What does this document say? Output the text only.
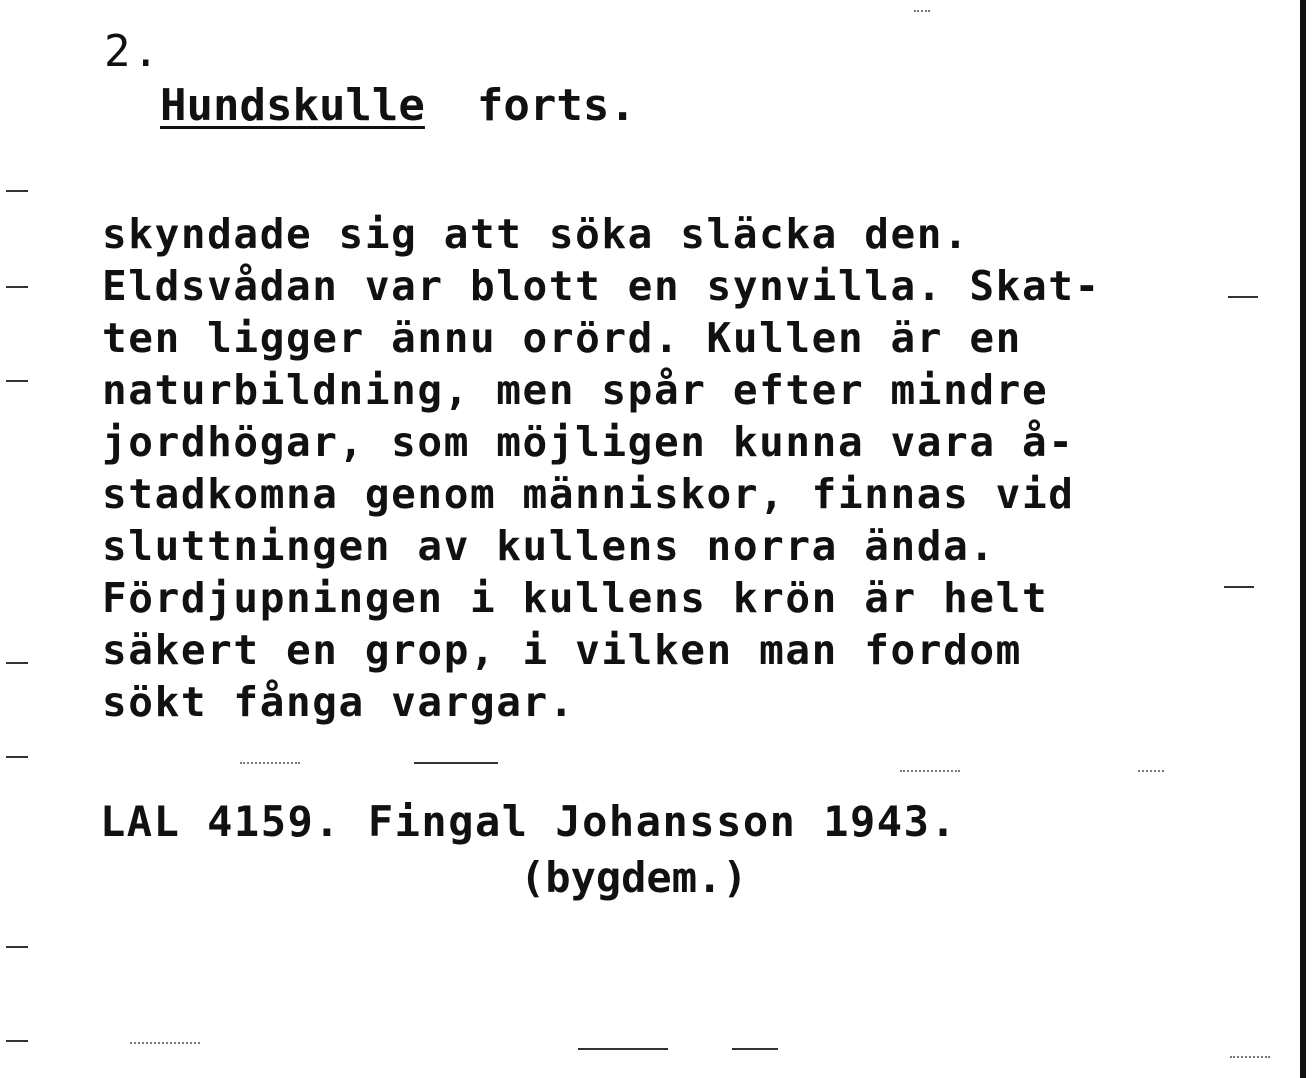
2.
Hundskulle forts.
skyndade sig att söka släcka den.
Eldsvådan var blott en synvilla. Skat-
ten ligger ännu orörd. Kullen är en
naturbildning, men spår efter mindre
jordhögar, som möjligen kunna vara å-
stadkomna genom människor, finnas vid
sluttningen av kullens norra ända.
Fördjupningen i kullens krön är helt
säkert en grop, i vilken man fordom
sökt fånga vargar.
LAL 4159. Fingal Johansson 1943.
(bygdem.)
